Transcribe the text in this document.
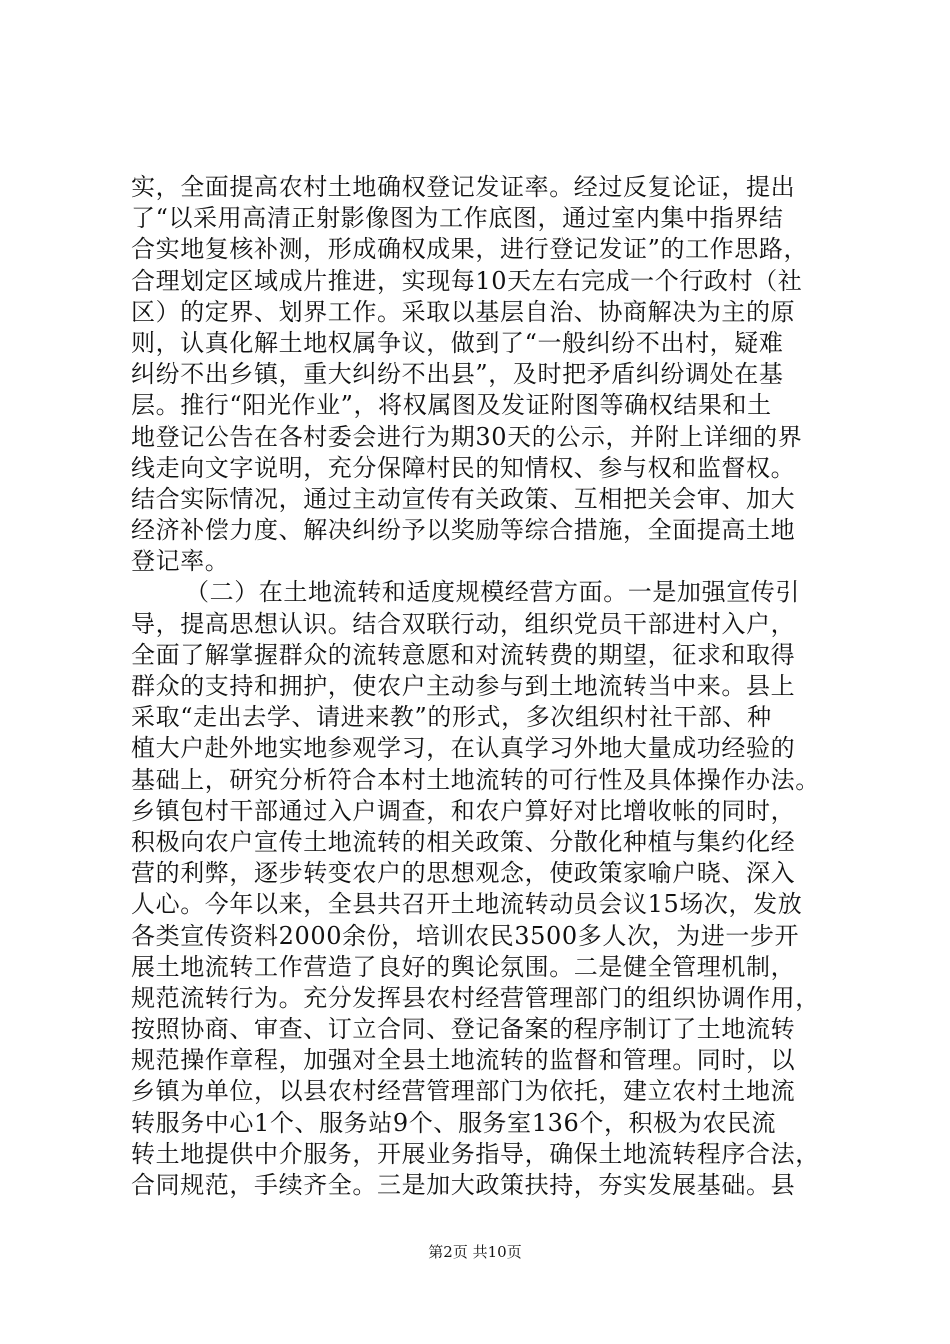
实，全面提高农村土地确权登记发证率。经过反复论证，提出
了“以采用高清正射影像图为工作底图，通过室内集中指界结
合实地复核补测，形成确权成果，进行登记发证”的工作思路，
合理划定区域成片推进，实现每10天左右完成一个行政村（社
区）的定界、划界工作。采取以基层自治、协商解决为主的原
则，认真化解土地权属争议，做到了“一般纠纷不出村，疑难
纠纷不出乡镇，重大纠纷不出县”，及时把矛盾纠纷调处在基
层。推行“阳光作业”，将权属图及发证附图等确权结果和土
地登记公告在各村委会进行为期30天的公示，并附上详细的界
线走向文字说明，充分保障村民的知情权、参与权和监督权。
结合实际情况，通过主动宣传有关政策、互相把关会审、加大
经济补偿力度、解决纠纷予以奖励等综合措施，全面提高土地
登记率。
（二）在土地流转和适度规模经营方面。一是加强宣传引
导，提高思想认识。结合双联行动，组织党员干部进村入户，
全面了解掌握群众的流转意愿和对流转费的期望，征求和取得
群众的支持和拥护，使农户主动参与到土地流转当中来。县上
采取“走出去学、请进来教”的形式，多次组织村社干部、种
植大户赴外地实地参观学习，在认真学习外地大量成功经验的
基础上，研究分析符合本村土地流转的可行性及具体操作办法。
乡镇包村干部通过入户调查，和农户算好对比增收帐的同时，
积极向农户宣传土地流转的相关政策、分散化种植与集约化经
营的利弊，逐步转变农户的思想观念，使政策家喻户晓、深入
人心。今年以来，全县共召开土地流转动员会议15场次，发放
各类宣传资料2000余份，培训农民3500多人次，为进一步开
展土地流转工作营造了良好的舆论氛围。二是健全管理机制，
规范流转行为。充分发挥县农村经营管理部门的组织协调作用，
按照协商、审查、订立合同、登记备案的程序制订了土地流转
规范操作章程，加强对全县土地流转的监督和管理。同时，以
乡镇为单位，以县农村经营管理部门为依托，建立农村土地流
转服务中心1个、服务站9个、服务室136个，积极为农民流
转土地提供中介服务，开展业务指导，确保土地流转程序合法，
合同规范，手续齐全。三是加大政策扶持，夯实发展基础。县
第2页 共10页
